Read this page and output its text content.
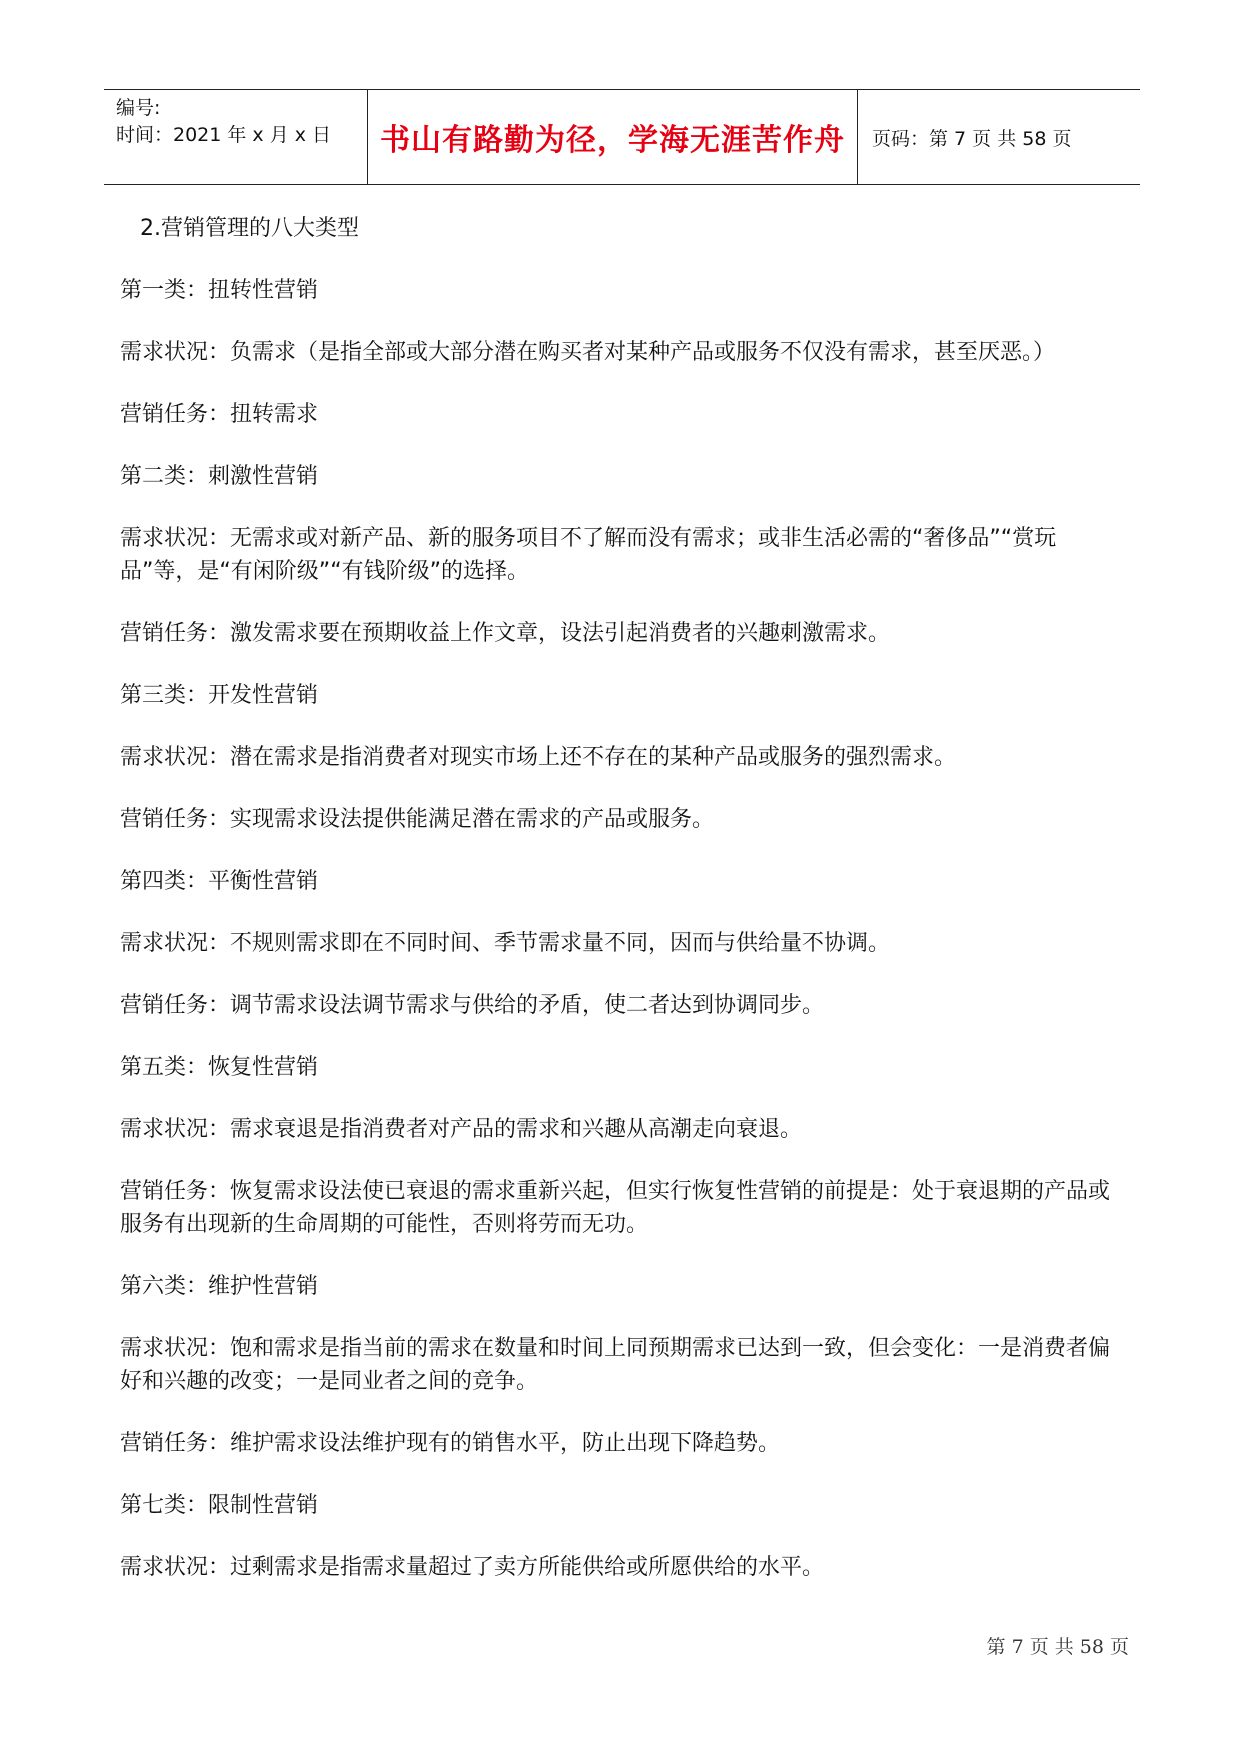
编号:
时间：2021 年 x 月 x 日 书山有路勤为径，学海无涯苦作舟 页码：第 7 页 共 58 页

2.营销管理的八大类型

第一类：扭转性营销

需求状况：负需求（是指全部或大部分潜在购买者对某种产品或服务不仅没有需求，甚至厌恶。）

营销任务：扭转需求

第二类：刺激性营销

需求状况：无需求或对新产品、新的服务项目不了解而没有需求；或非生活必需的“奢侈品”“赏玩品”等，是“有闲阶级”“有钱阶级”的选择。

营销任务：激发需求要在预期收益上作文章，设法引起消费者的兴趣刺激需求。

第三类：开发性营销

需求状况：潜在需求是指消费者对现实市场上还不存在的某种产品或服务的强烈需求。

营销任务：实现需求设法提供能满足潜在需求的产品或服务。

第四类：平衡性营销

需求状况：不规则需求即在不同时间、季节需求量不同，因而与供给量不协调。

营销任务：调节需求设法调节需求与供给的矛盾，使二者达到协调同步。

第五类：恢复性营销

需求状况：需求衰退是指消费者对产品的需求和兴趣从高潮走向衰退。

营销任务：恢复需求设法使已衰退的需求重新兴起，但实行恢复性营销的前提是：处于衰退期的产品或服务有出现新的生命周期的可能性，否则将劳而无功。

第六类：维护性营销

需求状况：饱和需求是指当前的需求在数量和时间上同预期需求已达到一致，但会变化：一是消费者偏好和兴趣的改变；一是同业者之间的竞争。

营销任务：维护需求设法维护现有的销售水平，防止出现下降趋势。

第七类：限制性营销

需求状况：过剩需求是指需求量超过了卖方所能供给或所愿供给的水平。

第 7 页 共 58 页
